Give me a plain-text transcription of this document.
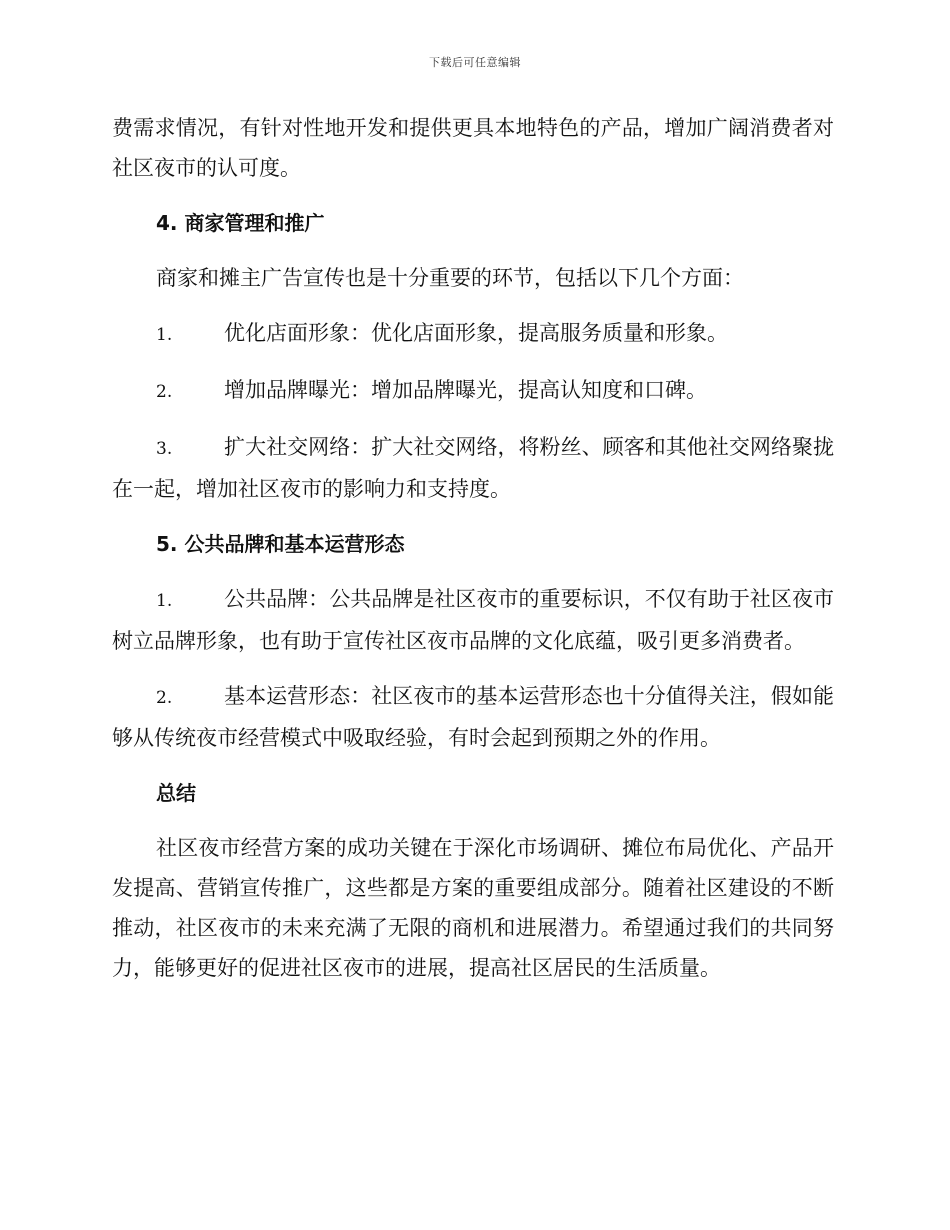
下载后可任意编辑

费需求情况，有针对性地开发和提供更具本地特色的产品，增加广阔消费者对社区夜市的认可度。

4. 商家管理和推广

商家和摊主广告宣传也是十分重要的环节，包括以下几个方面：

1. 优化店面形象：优化店面形象，提高服务质量和形象。

2. 增加品牌曝光：增加品牌曝光，提高认知度和口碑。

3. 扩大社交网络：扩大社交网络，将粉丝、顾客和其他社交网络聚拢在一起，增加社区夜市的影响力和支持度。

5. 公共品牌和基本运营形态

1. 公共品牌：公共品牌是社区夜市的重要标识，不仅有助于社区夜市树立品牌形象，也有助于宣传社区夜市品牌的文化底蕴，吸引更多消费者。

2. 基本运营形态：社区夜市的基本运营形态也十分值得关注，假如能够从传统夜市经营模式中吸取经验，有时会起到预期之外的作用。

总结

社区夜市经营方案的成功关键在于深化市场调研、摊位布局优化、产品开发提高、营销宣传推广，这些都是方案的重要组成部分。随着社区建设的不断推动，社区夜市的未来充满了无限的商机和进展潜力。希望通过我们的共同努力，能够更好的促进社区夜市的进展，提高社区居民的生活质量。
